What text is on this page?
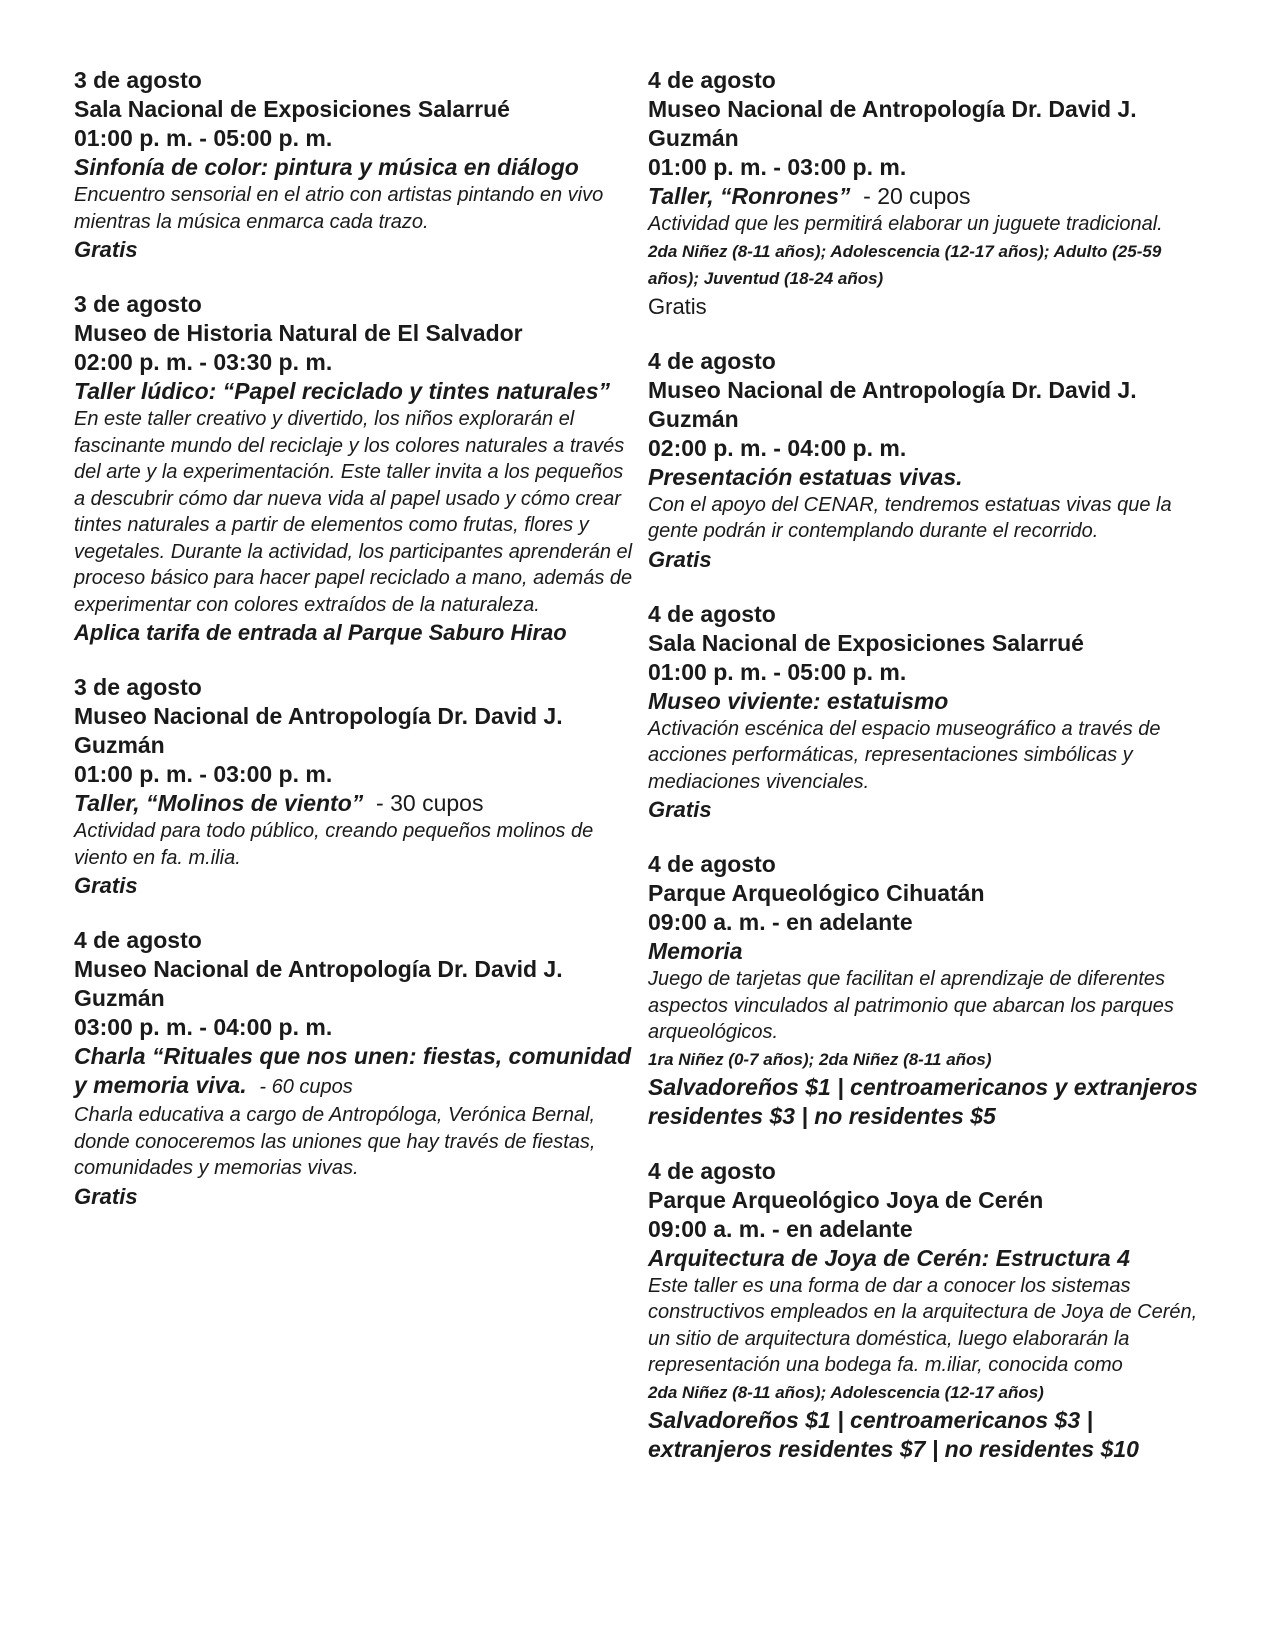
3 de agosto
Sala Nacional de Exposiciones Salarrué
01:00 p. m. - 05:00 p. m.
Sinfonía de color: pintura y música en diálogo
Encuentro sensorial en el atrio con artistas pintando en vivo mientras la música enmarca cada trazo.
Gratis
3 de agosto
Museo de Historia Natural de El Salvador
02:00 p. m. - 03:30 p. m.
Taller lúdico: “Papel reciclado y tintes naturales”
En este taller creativo y divertido, los niños explorarán el fascinante mundo del reciclaje y los colores naturales a través del arte y la experimentación. Este taller invita a los pequeños a descubrir cómo dar nueva vida al papel usado y cómo crear tintes naturales a partir de elementos como frutas, flores y vegetales. Durante la actividad, los participantes aprenderán el proceso básico para hacer papel reciclado a mano, además de experimentar con colores extraídos de la naturaleza.
Aplica tarifa de entrada al Parque Saburo Hirao
3 de agosto
Museo Nacional de Antropología Dr. David J. Guzmán
01:00 p. m. - 03:00 p. m.
Taller, “Molinos de viento” - 30 cupos
Actividad para todo público, creando pequeños molinos de viento en fa. m.ilia.
Gratis
4 de agosto
Museo Nacional de Antropología Dr. David J. Guzmán
03:00 p. m. - 04:00 p. m.
Charla “Rituales que nos unen: fiestas, comunidad y memoria viva. - 60 cupos
Charla educativa a cargo de Antropóloga, Verónica Bernal, donde conoceremos las uniones que hay través de fiestas, comunidades y memorias vivas.
Gratis
4 de agosto
Museo Nacional de Antropología Dr. David J. Guzmán
01:00 p. m. - 03:00 p. m.
Taller, “Ronrones” - 20 cupos
Actividad que les permitirá elaborar un juguete tradicional.
2da Niñez (8-11 años); Adolescencia (12-17 años); Adulto (25-59 años); Juventud (18-24 años)
Gratis
4 de agosto
Museo Nacional de Antropología Dr. David J. Guzmán
02:00 p. m. - 04:00 p. m.
Presentación estatuas vivas.
Con el apoyo del CENAR, tendremos estatuas vivas que la gente podrán ir contemplando durante el recorrido.
Gratis
4 de agosto
Sala Nacional de Exposiciones Salarrué
01:00 p. m. - 05:00 p. m.
Museo viviente: estatuismo
Activación escénica del espacio museográfico a través de acciones performáticas, representaciones simbólicas y mediaciones vivenciales.
Gratis
4 de agosto
Parque Arqueológico Cihuatán
09:00 a. m. - en adelante
Memoria
Juego de tarjetas que facilitan el aprendizaje de diferentes aspectos vinculados al patrimonio que abarcan los parques arqueológicos.
1ra Niñez (0-7 años); 2da Niñez (8-11 años)
Salvadoreños $1 | centroamericanos y extranjeros residentes $3 | no residentes $5
4 de agosto
Parque Arqueológico Joya de Cerén
09:00 a. m. - en adelante
Arquitectura de Joya de Cerén: Estructura 4
Este taller es una forma de dar a conocer los sistemas constructivos empleados en la arquitectura de Joya de Cerén, un sitio de arquitectura doméstica, luego elaborarán la representación una bodega fa. m.iliar, conocida como
2da Niñez (8-11 años); Adolescencia (12-17 años)
Salvadoreños $1 | centroamericanos $3 | extranjeros residentes $7 | no residentes $10
